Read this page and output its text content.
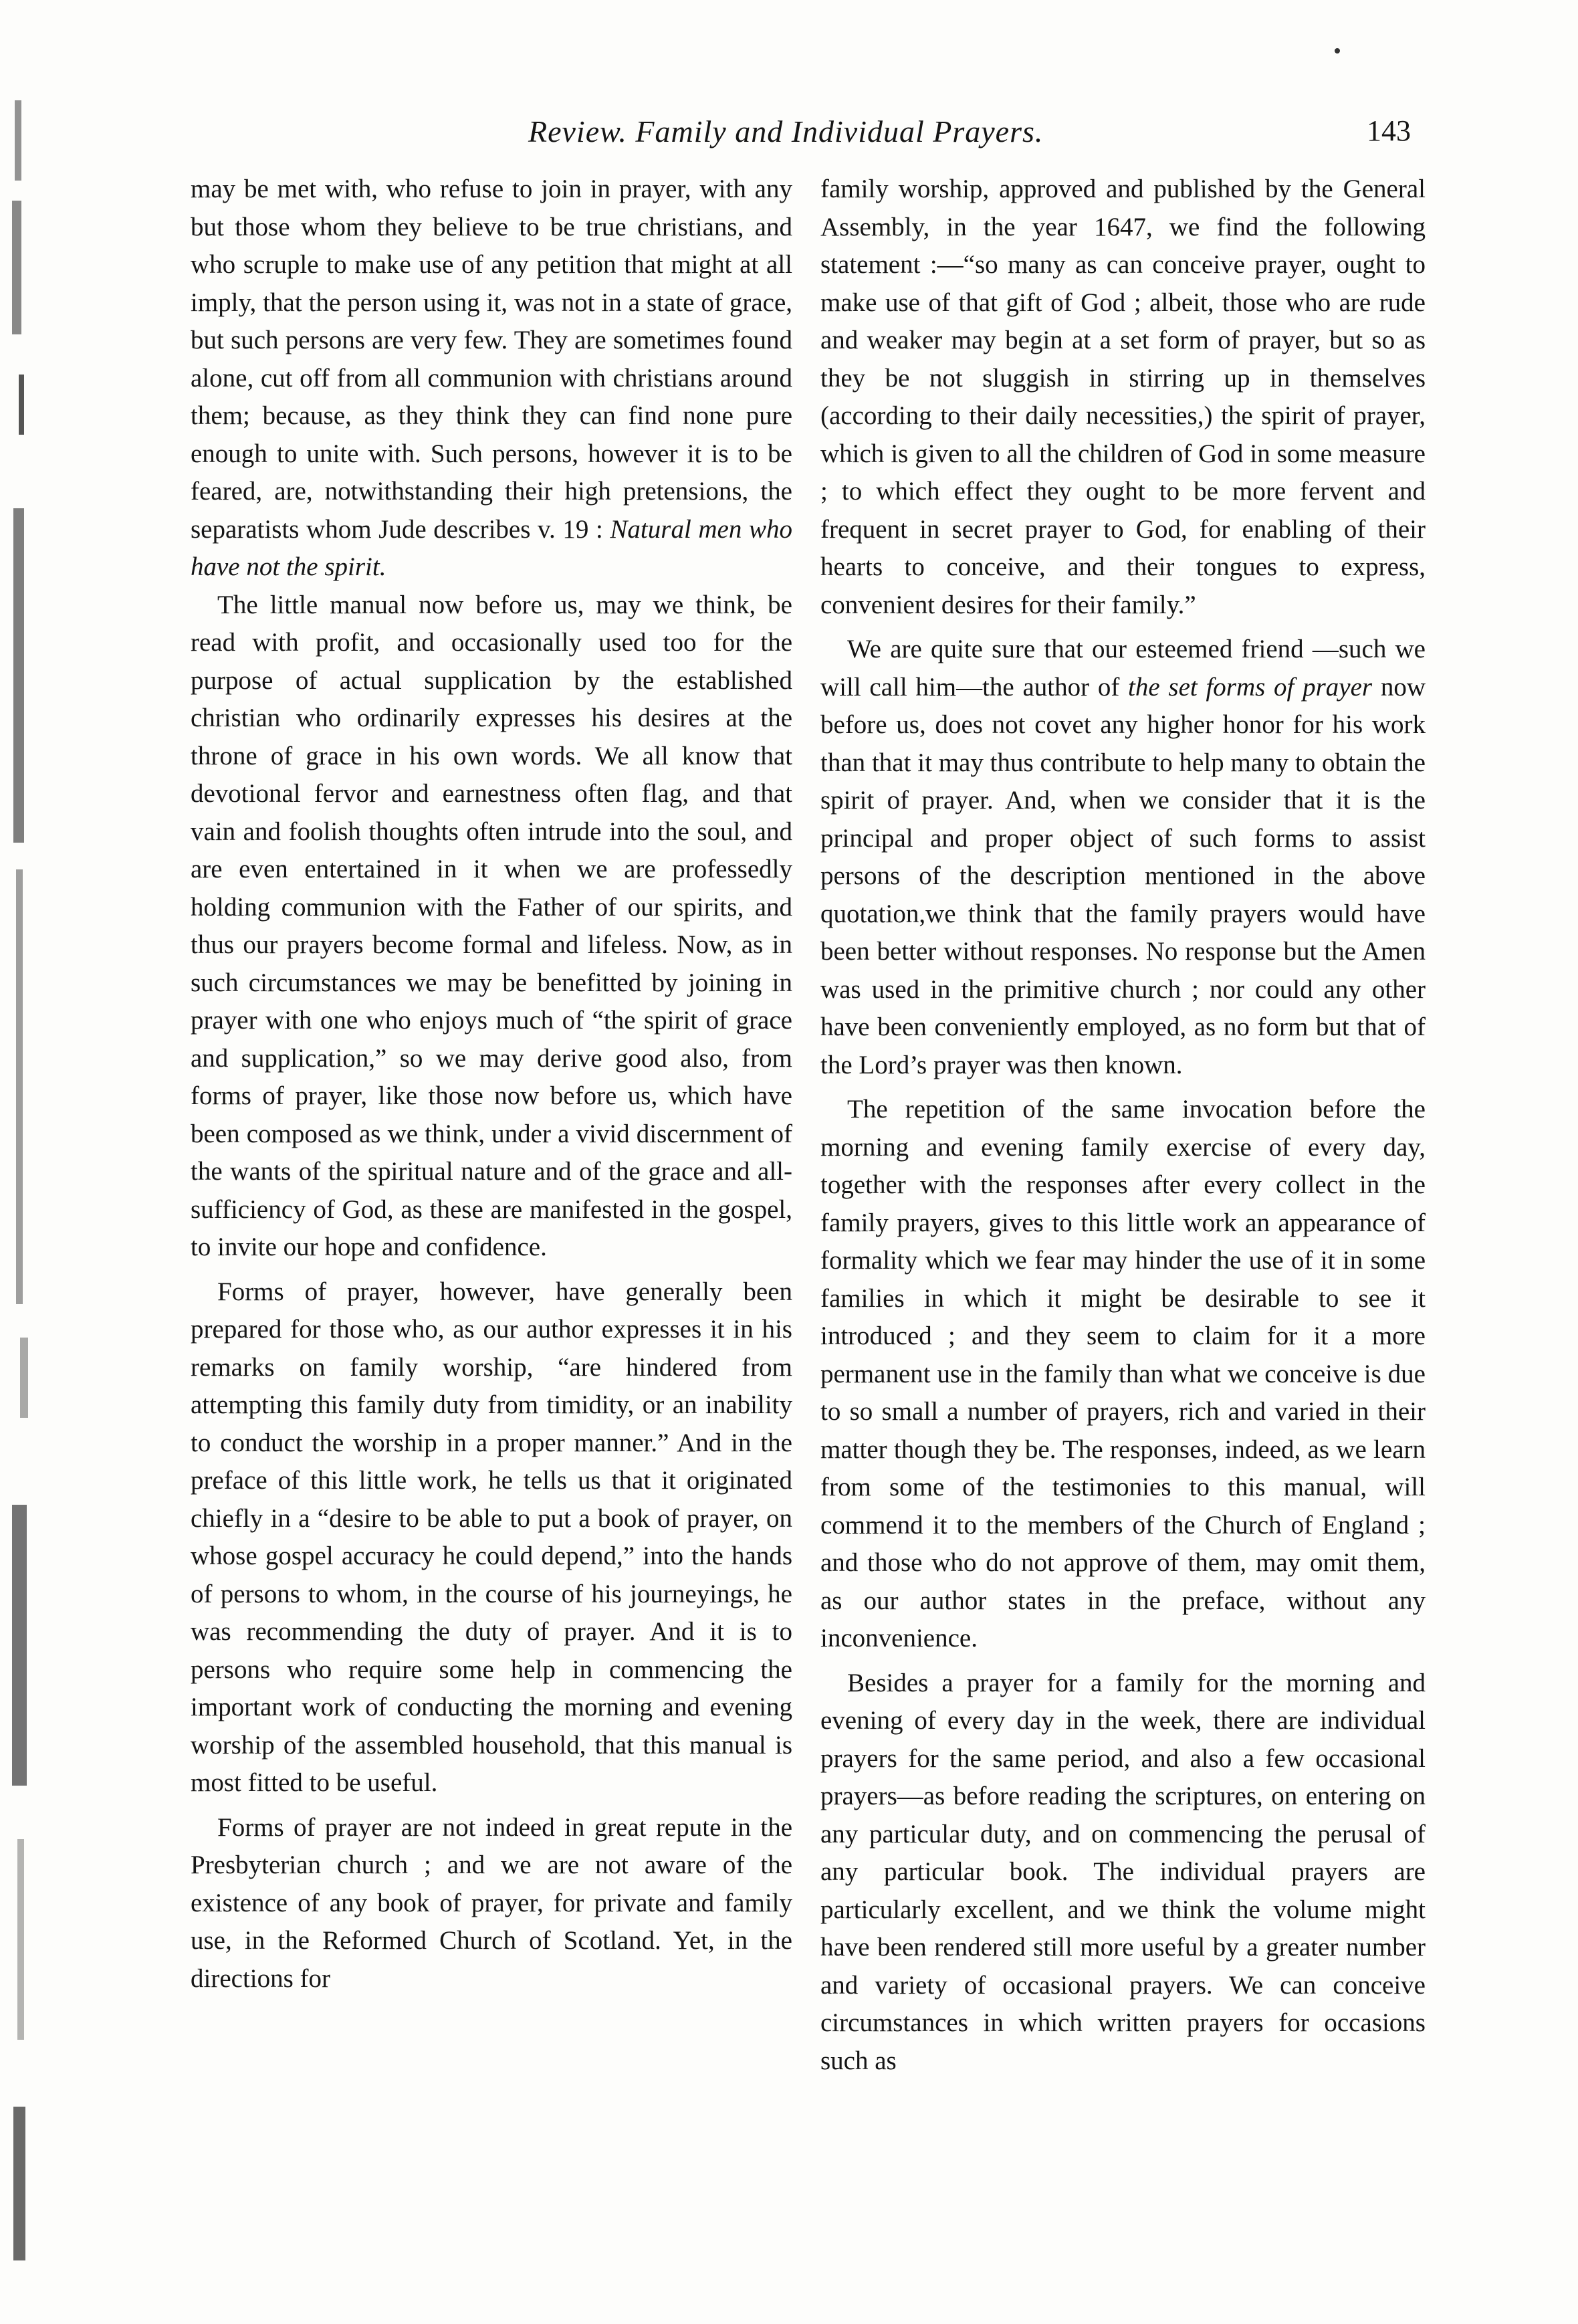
Review. Family and Individual Prayers.	143

may be met with, who refuse to join in prayer, with any but those whom they believe to be true christians, and who scruple to make use of any petition that might at all imply, that the person using it, was not in a state of grace, but such persons are very few. They are sometimes found alone, cut off from all communion with christians around them; because, as they think they can find none pure enough to unite with. Such persons, however it is to be feared, are, notwithstanding their high pretensions, the separatists whom Jude describes v. 19 : Natural men who have not the spirit.

The little manual now before us, may we think, be read with profit, and occasionally used too for the purpose of actual supplication by the established christian who ordinarily expresses his desires at the throne of grace in his own words. We all know that devotional fervor and earnestness often flag, and that vain and foolish thoughts often intrude into the soul, and are even entertained in it when we are professedly holding communion with the Father of our spirits, and thus our prayers become formal and lifeless. Now, as in such circumstances we may be benefitted by joining in prayer with one who enjoys much of “the spirit of grace and supplication,” so we may derive good also, from forms of prayer, like those now before us, which have been composed as we think, under a vivid discernment of the wants of the spiritual nature and of the grace and all-sufficiency of God, as these are manifested in the gospel, to invite our hope and confidence.

Forms of prayer, however, have generally been prepared for those who, as our author expresses it in his remarks on family worship, “are hindered from attempting this family duty from timidity, or an inability to conduct the worship in a proper manner.” And in the preface of this little work, he tells us that it originated chiefly in a “desire to be able to put a book of prayer, on whose gospel accuracy he could depend,” into the hands of persons to whom, in the course of his journeyings, he was recommending the duty of prayer. And it is to persons who require some help in commencing the important work of conducting the morning and evening worship of the assembled household, that this manual is most fitted to be useful.

Forms of prayer are not indeed in great repute in the Presbyterian church ; and we are not aware of the existence of any book of prayer, for private and family use, in the Reformed Church of Scotland. Yet, in the directions for

family worship, approved and published by the General Assembly, in the year 1647, we find the following statement :—“so many as can conceive prayer, ought to make use of that gift of God ; albeit, those who are rude and weaker may begin at a set form of prayer, but so as they be not sluggish in stirring up in themselves (according to their daily necessities,) the spirit of prayer, which is given to all the children of God in some measure ; to which effect they ought to be more fervent and frequent in secret prayer to God, for enabling of their hearts to conceive, and their tongues to express, convenient desires for their family.”

We are quite sure that our esteemed friend —such we will call him—the author of the set forms of prayer now before us, does not covet any higher honor for his work than that it may thus contribute to help many to obtain the spirit of prayer. And, when we consider that it is the principal and proper object of such forms to assist persons of the description mentioned in the above quotation,we think that the family prayers would have been better without responses. No response but the Amen was used in the primitive church ; nor could any other have been conveniently employed, as no form but that of the Lord’s prayer was then known.

The repetition of the same invocation before the morning and evening family exercise of every day, together with the responses after every collect in the family prayers, gives to this little work an appearance of formality which we fear may hinder the use of it in some families in which it might be desirable to see it introduced ; and they seem to claim for it a more permanent use in the family than what we conceive is due to so small a number of prayers, rich and varied in their matter though they be. The responses, indeed, as we learn from some of the testimonies to this manual, will commend it to the members of the Church of England ; and those who do not approve of them, may omit them, as our author states in the preface, without any inconvenience.

Besides a prayer for a family for the morning and evening of every day in the week, there are individual prayers for the same period, and also a few occasional prayers—as before reading the scriptures, on entering on any particular duty, and on commencing the perusal of any particular book. The individual prayers are particularly excellent, and we think the volume might have been rendered still more useful by a greater number and variety of occasional prayers. We can conceive circumstances in which written prayers for occasions such as
